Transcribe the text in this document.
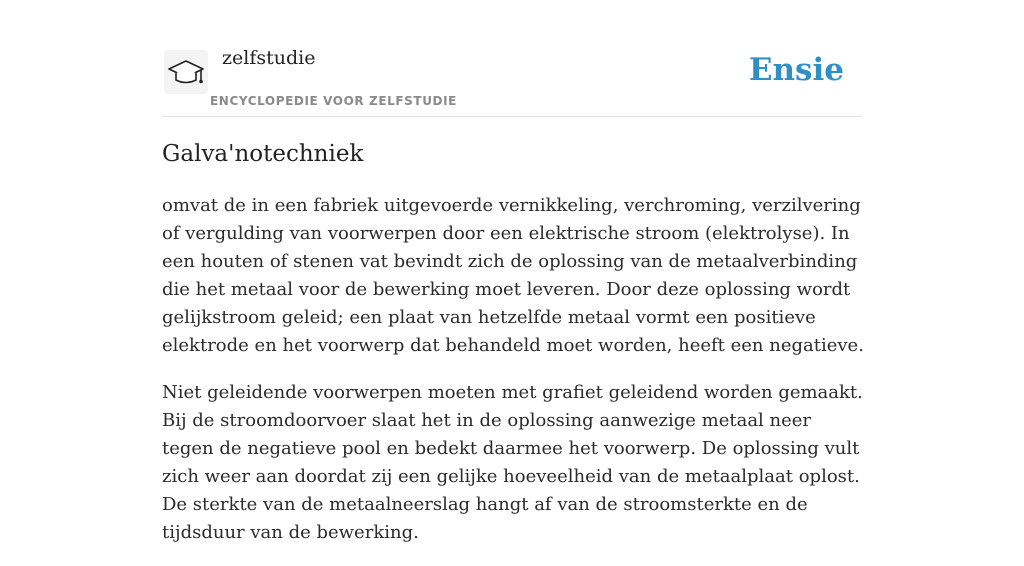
zelfstudie
ENCYCLOPEDIE VOOR ZELFSTUDIE
Ensie
Galva'notechniek

omvat de in een fabriek uitgevoerde vernikkeling, verchroming, verzilvering of vergulding van voorwerpen door een elektrische stroom (elektrolyse). In een houten of stenen vat bevindt zich de oplossing van de metaalverbinding die het metaal voor de bewerking moet leveren. Door deze oplossing wordt gelijkstroom geleid; een plaat van hetzelfde metaal vormt een positieve elektrode en het voorwerp dat behandeld moet worden, heeft een negatieve.

Niet geleidende voorwerpen moeten met grafiet geleidend worden gemaakt. Bij de stroomdoorvoer slaat het in de oplossing aanwezige metaal neer tegen de negatieve pool en bedekt daarmee het voorwerp. De oplossing vult zich weer aan doordat zij een gelijke hoeveelheid van de metaalplaat oplost. De sterkte van de metaalneerslag hangt af van de stroomsterkte en de tijdsduur van de bewerking.
